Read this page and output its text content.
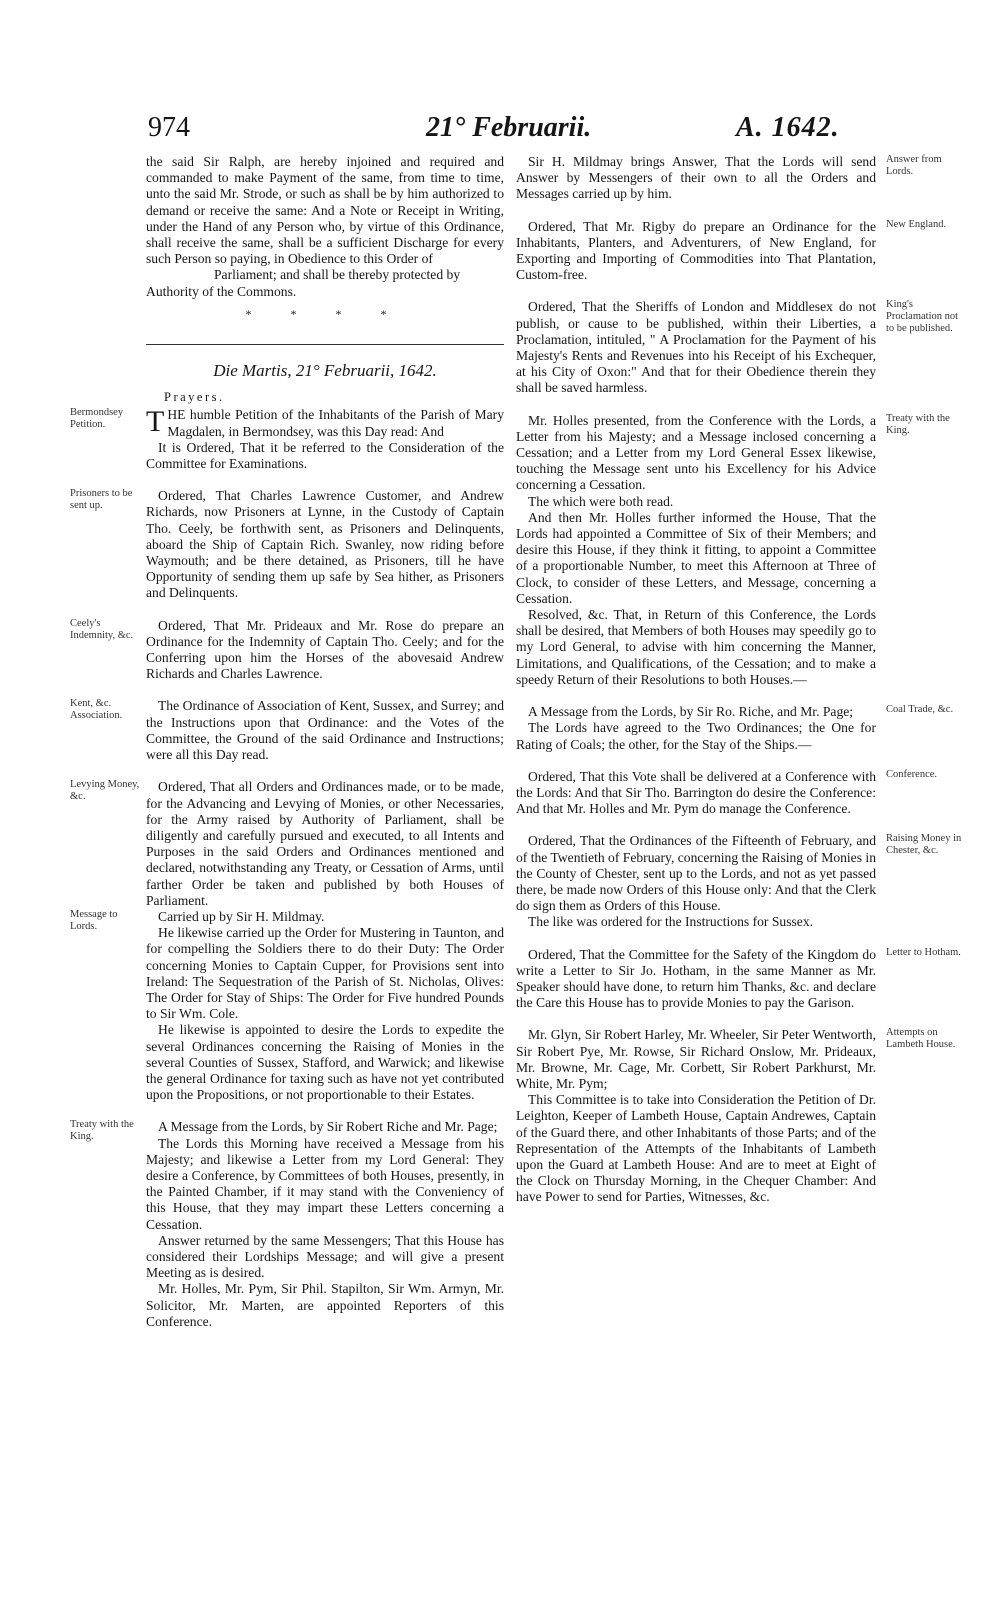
974	21° Februarii.	A. 1642.

the said Sir Ralph, are hereby injoined and required and commanded to make Payment of the same, from time to time, unto the said Mr. Strode, or such as shall be by him authorized to demand or receive the same: And a Note or Receipt in Writing, under the Hand of any Person who, by virtue of this Ordinance, shall receive the same, shall be a sufficient Discharge for every such Person so paying, in Obedience to this Order of

Parliament; and shall be thereby protected by

Authority of the Commons.

* * * *
Die Martis, 21° Februarii, 1642.
Prayers.

Bermondsey Petition.	T HE humble Petition of the Inhabitants of the Parish of Mary Magdalen, in Bermondsey, was this Day read: And

It is Ordered, That it be referred to the Consideration of the Committee for Examinations.

Prisoners to be sent up.
Ordered, That Charles Lawrence Customer, and Andrew Richards, now Prisoners at Lynne, in the Custody of Captain Tho. Ceely, be forthwith sent, as Prisoners and Delinquents, aboard the Ship of Captain Rich. Swanley, now riding before Waymouth; and be there detained, as Prisoners, till he have Opportunity of sending them up safe by Sea hither, as Prisoners and Delinquents.

Ceely's Indemnity, &c.
Ordered, That Mr. Prideaux and Mr. Rose do prepare an Ordinance for the Indemnity of Captain Tho. Ceely; and for the Conferring upon him the Horses of the abovesaid Andrew Richards and Charles Lawrence.

Kent, &c. Association.
The Ordinance of Association of Kent, Sussex, and Surrey; and the Instructions upon that Ordinance: and the Votes of the Committee, the Ground of the said Ordinance and Instructions; were all this Day read.

Levying Money, &c.
Ordered, That all Orders and Ordinances made, or to be made, for the Advancing and Levying of Monies, or other Necessaries, for the Army raised by Authority of Parliament, shall be diligently and carefully pursued and executed, to all Intents and Purposes in the said Orders and Ordinances mentioned and declared, notwithstanding any Treaty, or Cessation of Arms, until farther Order be taken and published by both Houses of Parliament.

Message to Lords.
Carried up by Sir H. Mildmay.

He likewise carried up the Order for Mustering in Taunton, and for compelling the Soldiers there to do their Duty: The Order concerning Monies to Captain Cupper, for Provisions sent into Ireland: The Sequestration of the Parish of St. Nicholas, Olives: The Order for Stay of Ships: The Order for Five hundred Pounds to Sir Wm. Cole.

He likewise is appointed to desire the Lords to expedite the several Ordinances concerning the Raising of Monies in the several Counties of Sussex, Stafford, and Warwick; and likewise the general Ordinance for taxing such as have not yet contributed upon the Propositions, or not proportionable to their Estates.

Treaty with the King.
A Message from the Lords, by Sir Robert Riche and Mr. Page;

The Lords this Morning have received a Message from his Majesty; and likewise a Letter from my Lord General: They desire a Conference, by Committees of both Houses, presently, in the Painted Chamber, if it may stand with the Conveniency of this House, that they may impart these Letters concerning a Cessation.

Answer returned by the same Messengers; That this House has considered their Lordships Message; and will give a present Meeting as is desired.

Mr. Holles, Mr. Pym, Sir Phil. Stapilton, Sir Wm. Armyn, Mr. Solicitor, Mr. Marten, are appointed Reporters of this Conference.

Answer from Lords.
Sir H. Mildmay brings Answer, That the Lords will send Answer by Messengers of their own to all the Orders and Messages carried up by him.

New England.
Ordered, That Mr. Rigby do prepare an Ordinance for the Inhabitants, Planters, and Adventurers, of New England, for Exporting and Importing of Commodities into That Plantation, Custom-free.

King's Proclamation not to be published.
Ordered, That the Sheriffs of London and Middlesex do not publish, or cause to be published, within their Liberties, a Proclamation, intituled, " A Proclamation for the Payment of his Majesty's Rents and Revenues into his Receipt of his Exchequer, at his City of Oxon:" And that for their Obedience therein they shall be saved harmless.

Treaty with the King.
Mr. Holles presented, from the Conference with the Lords, a Letter from his Majesty; and a Message inclosed concerning a Cessation; and a Letter from my Lord General Essex likewise, touching the Message sent unto his Excellency for his Advice concerning a Cessation.

The which were both read.

And then Mr. Holles further informed the House, That the Lords had appointed a Committee of Six of their Members; and desire this House, if they think it fitting, to appoint a Committee of a proportionable Number, to meet this Afternoon at Three of Clock, to consider of these Letters, and Message, concerning a Cessation.

Resolved, &c. That, in Return of this Conference, the Lords shall be desired, that Members of both Houses may speedily go to my Lord General, to advise with him concerning the Manner, Limitations, and Qualifications, of the Cessation; and to make a speedy Return of their Resolutions to both Houses.—

Coal Trade, &c.
A Message from the Lords, by Sir Ro. Riche, and Mr. Page;

The Lords have agreed to the Two Ordinances; the One for Rating of Coals; the other, for the Stay of the Ships.—

Conference.
Ordered, That this Vote shall be delivered at a Conference with the Lords: And that Sir Tho. Barrington do desire the Conference: And that Mr. Holles and Mr. Pym do manage the Conference.

Raising Money in Chester, &c.
Ordered, That the Ordinances of the Fifteenth of February, and of the Twentieth of February, concerning the Raising of Monies in the County of Chester, sent up to the Lords, and not as yet passed there, be made now Orders of this House only: And that the Clerk do sign them as Orders of this House.

The like was ordered for the Instructions for Sussex.

Letter to Hotham.
Ordered, That the Committee for the Safety of the Kingdom do write a Letter to Sir Jo. Hotham, in the same Manner as Mr. Speaker should have done, to return him Thanks, &c. and declare the Care this House has to provide Monies to pay the Garison.

Attempts on Lambeth House.
Mr. Glyn, Sir Robert Harley, Mr. Wheeler, Sir Peter Wentworth, Sir Robert Pye, Mr. Rowse, Sir Richard Onslow, Mr. Prideaux, Mr. Browne, Mr. Cage, Mr. Corbett, Sir Robert Parkhurst, Mr. White, Mr. Pym;

This Committee is to take into Consideration the Petition of Dr. Leighton, Keeper of Lambeth House, Captain Andrewes, Captain of the Guard there, and other Inhabitants of those Parts; and of the Representation of the Attempts of the Inhabitants of Lambeth upon the Guard at Lambeth House: And are to meet at Eight of the Clock on Thursday Morning, in the Chequer Chamber: And have Power to send for Parties, Witnesses, &c.
